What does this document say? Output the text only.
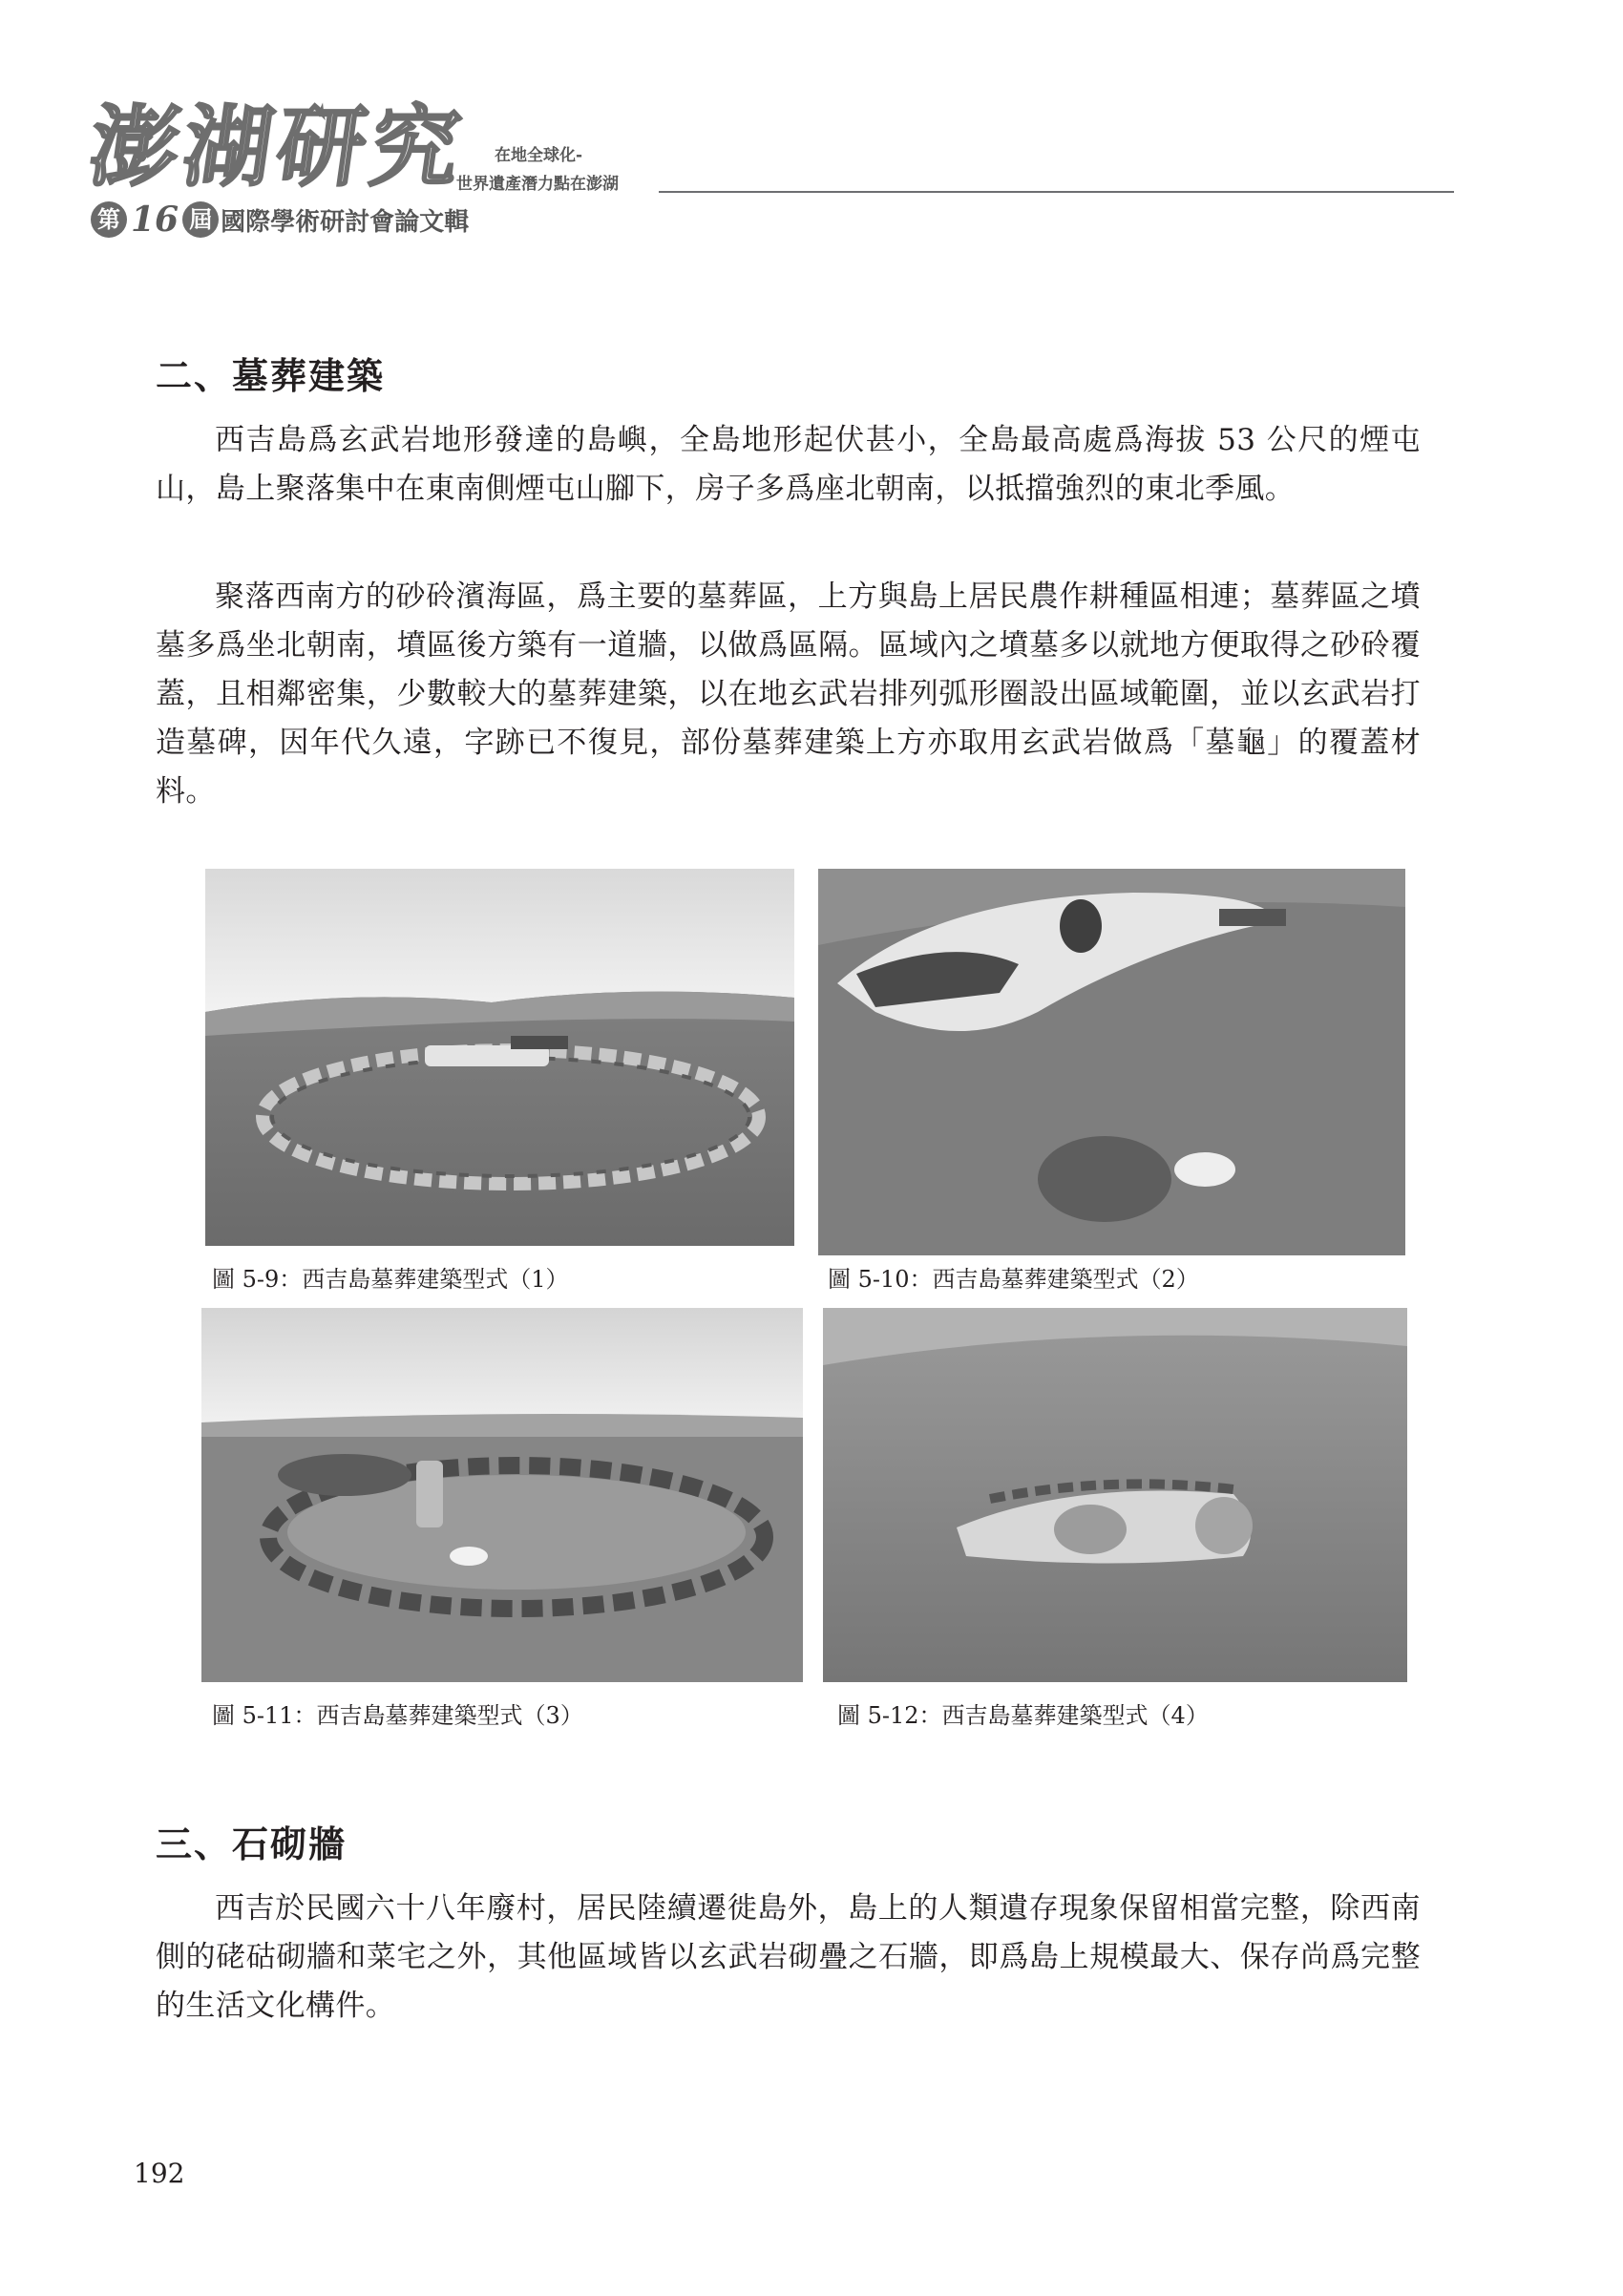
澎湖研究
第 16 屆 國際學術研討會論文輯
在地全球化-
世界遺產潛力點在澎湖
二、墓葬建築

西吉島爲玄武岩地形發達的島嶼，全島地形起伏甚小，全島最高處爲海拔 53 公尺的煙屯山，島上聚落集中在東南側煙屯山腳下，房子多爲座北朝南，以抵擋強烈的東北季風。

聚落西南方的砂砱濱海區，爲主要的墓葬區，上方與島上居民農作耕種區相連；墓葬區之墳墓多爲坐北朝南，墳區後方築有一道牆，以做爲區隔。區域內之墳墓多以就地方便取得之砂砱覆蓋，且相鄰密集，少數較大的墓葬建築，以在地玄武岩排列弧形圈設出區域範圍，並以玄武岩打造墓碑，因年代久遠，字跡已不復見，部份墓葬建築上方亦取用玄武岩做爲「墓龜」的覆蓋材料。

圖 5-9：西吉島墓葬建築型式（1）	圖 5-10：西吉島墓葬建築型式（2）

圖 5-11：西吉島墓葬建築型式（3）	圖 5-12：西吉島墓葬建築型式（4）

三、石砌牆

西吉於民國六十八年廢村，居民陸續遷徙島外，島上的人類遺存現象保留相當完整，除西南側的硓𥑮砌牆和菜宅之外，其他區域皆以玄武岩砌疊之石牆，即爲島上規模最大、保存尚爲完整的生活文化構件。

192
